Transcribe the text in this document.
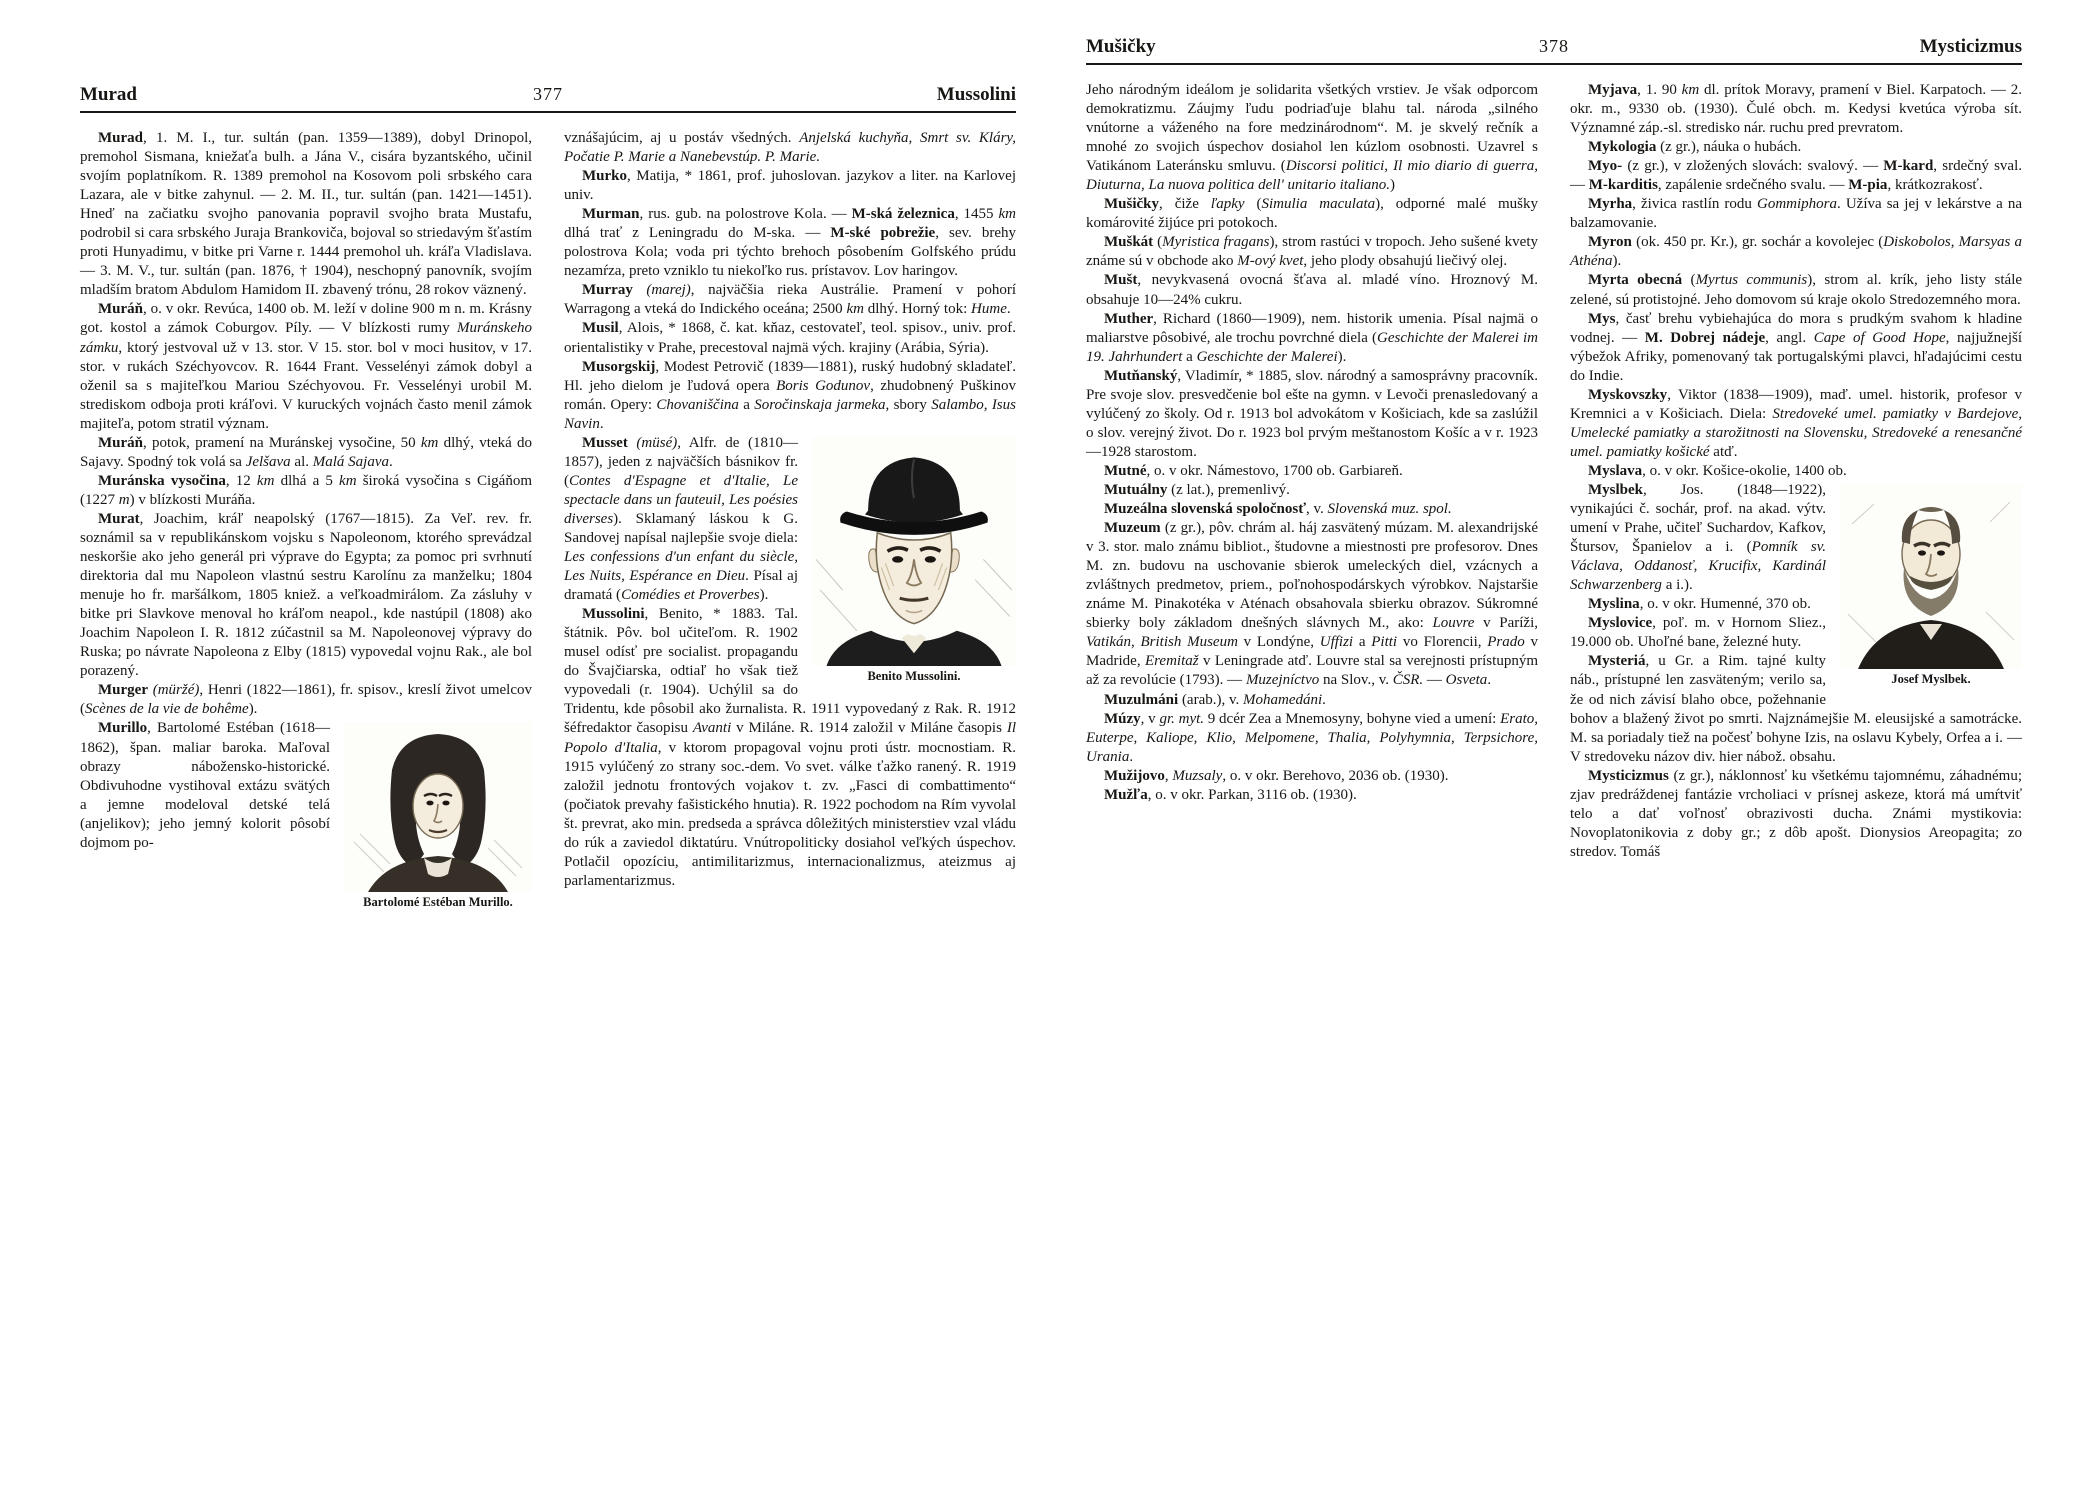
Murad	377	Mussolini

Murad, 1. M. I., tur. sultán (pan. 1359—1389), dobyl Drinopol, premohol Sismana, kniežaťa bulh. a Jána V., cisára byzantského, učinil svojím poplatníkom. R. 1389 premohol na Kosovom poli srbského cara Lazara, ale v bitke zahynul. — 2. M. II., tur. sultán (pan. 1421—1451). Hneď na začiatku svojho panovania popravil svojho brata Mustafu, podrobil si cara srbského Juraja Brankoviča, bojoval so striedavým šťastím proti Hunyadimu, v bitke pri Varne r. 1444 premohol uh. kráľa Vladislava. — 3. M. V., tur. sultán (pan. 1876, † 1904), neschopný panovník, svojím mladším bratom Abdulom Hamidom II. zbavený trónu, 28 rokov väznený.

Muráň, o. v okr. Revúca, 1400 ob. M. leží v doline 900 m n. m. Krásny got. kostol a zámok Coburgov. Píly. — V blízkosti rumy Muránskeho zámku, ktorý jestvoval už v 13. stor. V 15. stor. bol v moci husitov, v 17. stor. v rukách Széchyovcov. R. 1644 Frant. Vesselényi zámok dobyl a oženil sa s majiteľkou Mariou Széchyovou. Fr. Vesselényi urobil M. strediskom odboja proti kráľovi. V kuruckých vojnách často menil zámok majiteľa, potom stratil význam.

Muráň, potok, pramení na Muránskej vysočine, 50 km dlhý, vteká do Sajavy. Spodný tok volá sa Jelšava al. Malá Sajava.

Muránska vysočina, 12 km dlhá a 5 km široká vysočina s Cigáňom (1227 m) v blízkosti Muráňa.

Murat, Joachim, kráľ neapolský (1767—1815). Za Veľ. rev. fr. soznámil sa v republikánskom vojsku s Napoleonom, ktorého sprevádzal neskoršie ako jeho generál pri výprave do Egypta; za pomoc pri svrhnutí direktoria dal mu Napoleon vlastnú sestru Karolínu za manželku; 1804 menuje ho fr. maršálkom, 1805 kniež. a veľkoadmirálom. Za zásluhy v bitke pri Slavkove menoval ho kráľom neapol., kde nastúpil (1808) ako Joachim Napoleon I. R. 1812 zúčastnil sa M. Napoleonovej výpravy do Ruska; po návrate Napoleona z Elby (1815) vypovedal vojnu Rak., ale bol porazený.

Murger (müržé), Henri (1822—1861), fr. spisov., kreslí život umelcov (Scènes de la vie de bohême).

Bartolomé Estéban Murillo.
Murillo, Bartolomé Estéban (1618—1862), špan. maliar baroka. Maľoval obrazy nábožensko-historické. Obdivuhodne vystihoval extázu svätých a jemne modeloval detské telá (anjelikov); jeho jemný kolorit pôsobí dojmom po-

vznášajúcim, aj u postáv všedných. Anjelská kuchyňa, Smrt sv. Kláry, Počatie P. Marie a Nanebevstúp. P. Marie.

Murko, Matija, * 1861, prof. juhoslovan. jazykov a liter. na Karlovej univ.

Murman, rus. gub. na polostrove Kola. — M-ská železnica, 1455 km dlhá trať z Leningradu do M-ska. — M-ské pobrežie, sev. brehy polostrova Kola; voda pri týchto brehoch pôsobením Golfského prúdu nezamŕza, preto vzniklo tu niekoľko rus. prístavov. Lov haringov.

Murray (marej), najväčšia rieka Austrálie. Pramení v pohorí Warragong a vteká do Indického oceána; 2500 km dlhý. Horný tok: Hume.

Musil, Alois, * 1868, č. kat. kňaz, cestovateľ, teol. spisov., univ. prof. orientalistiky v Prahe, precestoval najmä vých. krajiny (Arábia, Sýria).

Musorgskij, Modest Petrovič (1839—1881), ruský hudobný skladateľ. Hl. jeho dielom je ľudová opera Boris Godunov, zhudobnený Puškinov román. Opery: Chovaniščina a Soročinskaja jarmeka, sbory Salambo, Isus Navin.

Benito Mussolini.
Musset (müsé), Alfr. de (1810—1857), jeden z najväčších básnikov fr. (Contes d'Espagne et d'Italie, Le spectacle dans un fauteuil, Les poésies diverses). Sklamaný láskou k G. Sandovej napísal najlepšie svoje diela: Les confessions d'un enfant du siècle, Les Nuits, Espérance en Dieu. Písal aj dramatá (Comédies et Proverbes).

Mussolini, Benito, * 1883. Tal. štátnik. Pôv. bol učiteľom. R. 1902 musel odísť pre socialist. propagandu do Švajčiarska, odtiaľ ho však tiež vypovedali (r. 1904). Uchýlil sa do Tridentu, kde pôsobil ako žurnalista. R. 1911 vypovedaný z Rak. R. 1912 šéfredaktor časopisu Avanti v Miláne. R. 1914 založil v Miláne časopis Il Popolo d'Italia, v ktorom propagoval vojnu proti ústr. mocnostiam. R. 1915 vylúčený zo strany soc.-dem. Vo svet. válke ťažko ranený. R. 1919 založil jednotu frontových vojakov t. zv. „Fasci di combattimento“ (počiatok prevahy fašistického hnutia). R. 1922 pochodom na Rím vyvolal št. prevrat, ako min. predseda a správca dôležitých ministerstiev vzal vládu do rúk a zaviedol diktatúru. Vnútropoliticky dosiahol veľkých úspechov. Potlačil opozíciu, antimilitarizmus, internacionalizmus, ateizmus aj parlamentarizmus.

Mušičky	378	Mysticizmus

Jeho národným ideálom je solidarita všetkých vrstiev. Je však odporcom demokratizmu. Záujmy ľudu podriaďuje blahu tal. národa „silného vnútorne a váženého na fore medzinárodnom“. M. je skvelý rečník a mnohé zo svojich úspechov dosiahol len kúzlom osobnosti. Uzavrel s Vatikánom Lateránsku smluvu. (Discorsi politici, Il mio diario di guerra, Diuturna, La nuova politica dell' unitario italiano.)

Mušičky, čiže ľapky (Simulia maculata), odporné malé mušky komárovité žijúce pri potokoch.

Muškát (Myristica fragans), strom rastúci v tropoch. Jeho sušené kvety známe sú v obchode ako M-ový kvet, jeho plody obsahujú liečivý olej.

Mušt, nevykvasená ovocná šťava al. mladé víno. Hroznový M. obsahuje 10—24% cukru.

Muther, Richard (1860—1909), nem. historik umenia. Písal najmä o maliarstve pôsobivé, ale trochu povrchné diela (Geschichte der Malerei im 19. Jahrhundert a Geschichte der Malerei).

Mutňanský, Vladimír, * 1885, slov. národný a samosprávny pracovník. Pre svoje slov. presvedčenie bol ešte na gymn. v Levoči prenasledovaný a vylúčený zo školy. Od r. 1913 bol advokátom v Košiciach, kde sa zaslúžil o slov. verejný život. Do r. 1923 bol prvým meštanostom Košíc a v r. 1923—1928 starostom.

Mutné, o. v okr. Námestovo, 1700 ob. Garbiareň.

Mutuálny (z lat.), premenlivý.

Muzeálna slovenská spoločnosť, v. Slovenská muz. spol.

Muzeum (z gr.), pôv. chrám al. háj zasvätený múzam. M. alexandrijské v 3. stor. malo známu bibliot., študovne a miestnosti pre profesorov. Dnes M. zn. budovu na uschovanie sbierok umeleckých diel, vzácnych a zvláštnych predmetov, priem., poľnohospodárskych výrobkov. Najstaršie známe M. Pinakotéka v Aténach obsahovala sbierku obrazov. Súkromné sbierky boly základom dnešných slávnych M., ako: Louvre v Paríži, Vatikán, British Museum v Londýne, Uffizi a Pitti vo Florencii, Prado v Madride, Eremitaž v Leningrade atď. Louvre stal sa verejnosti prístupným až za revolúcie (1793). — Muzejníctvo na Slov., v. ČSR. — Osveta.

Muzulmáni (arab.), v. Mohamedáni.

Múzy, v gr. myt. 9 dcér Zea a Mnemosyny, bohyne vied a umení: Erato, Euterpe, Kaliope, Klio, Melpomene, Thalia, Polyhymnia, Terpsichore, Urania.

Mužijovo, Muzsaly, o. v okr. Berehovo, 2036 ob. (1930).

Mužľa, o. v okr. Parkan, 3116 ob. (1930).

Myjava, 1. 90 km dl. prítok Moravy, pramení v Biel. Karpatoch. — 2. okr. m., 9330 ob. (1930). Čulé obch. m. Kedysi kvetúca výroba sít. Významné záp.-sl. stredisko nár. ruchu pred prevratom.

Mykologia (z gr.), náuka o hubách.

Myo- (z gr.), v zložených slovách: svalový. — M-kard, srdečný sval. — M-karditis, zapálenie srdečného svalu. — M-pia, krátkozrakosť.

Myrha, živica rastlín rodu Gommiphora. Užíva sa jej v lekárstve a na balzamovanie.

Myron (ok. 450 pr. Kr.), gr. sochár a kovolejec (Diskobolos, Marsyas a Athéna).

Myrta obecná (Myrtus communis), strom al. krík, jeho listy stále zelené, sú protistojné. Jeho domovom sú kraje okolo Stredozemného mora.

Mys, časť brehu vybiehajúca do mora s prudkým svahom k hladine vodnej. — M. Dobrej nádeje, angl. Cape of Good Hope, najjužnejší výbežok Afriky, pomenovaný tak portugalskými plavci, hľadajúcimi cestu do Indie.

Myskovszky, Viktor (1838—1909), maď. umel. historik, profesor v Kremnici a v Košiciach. Diela: Stredoveké umel. pamiatky v Bardejove, Umelecké pamiatky a starožitnosti na Slovensku, Stredoveké a renesančné umel. pamiatky košické atď.

Myslava, o. v okr. Košice-okolie, 1400 ob.

Josef Myslbek.
Myslbek, Jos. (1848—1922), vynikajúci č. sochár, prof. na akad. výtv. umení v Prahe, učiteľ Suchardov, Kafkov, Štursov, Španielov a i. (Pomník sv. Václava, Oddanosť, Krucifix, Kardinál Schwarzenberg a i.).

Myslina, o. v okr. Humenné, 370 ob.

Myslovice, poľ. m. v Hornom Sliez., 19.000 ob. Uhoľné bane, železné huty.

Mysteriá, u Gr. a Rim. tajné kulty náb., prístupné len zasväteným; verilo sa, že od nich závisí blaho obce, požehnanie bohov a blažený život po smrti. Najznámejšie M. eleusijské a samotrácke. M. sa poriadaly tiež na počesť bohyne Izis, na oslavu Kybely, Orfea a i. — V stredoveku názov div. hier nábož. obsahu.

Mysticizmus (z gr.), náklonnosť ku všetkému tajomnému, záhadnému; zjav predráždenej fantázie vrcholiaci v prísnej askeze, ktorá má umŕtviť telo a dať voľnosť obrazivosti ducha. Známi mystikovia: Novoplatonikovia z doby gr.; z dôb apošt. Dionysios Areopagita; zo stredov. Tomáš
